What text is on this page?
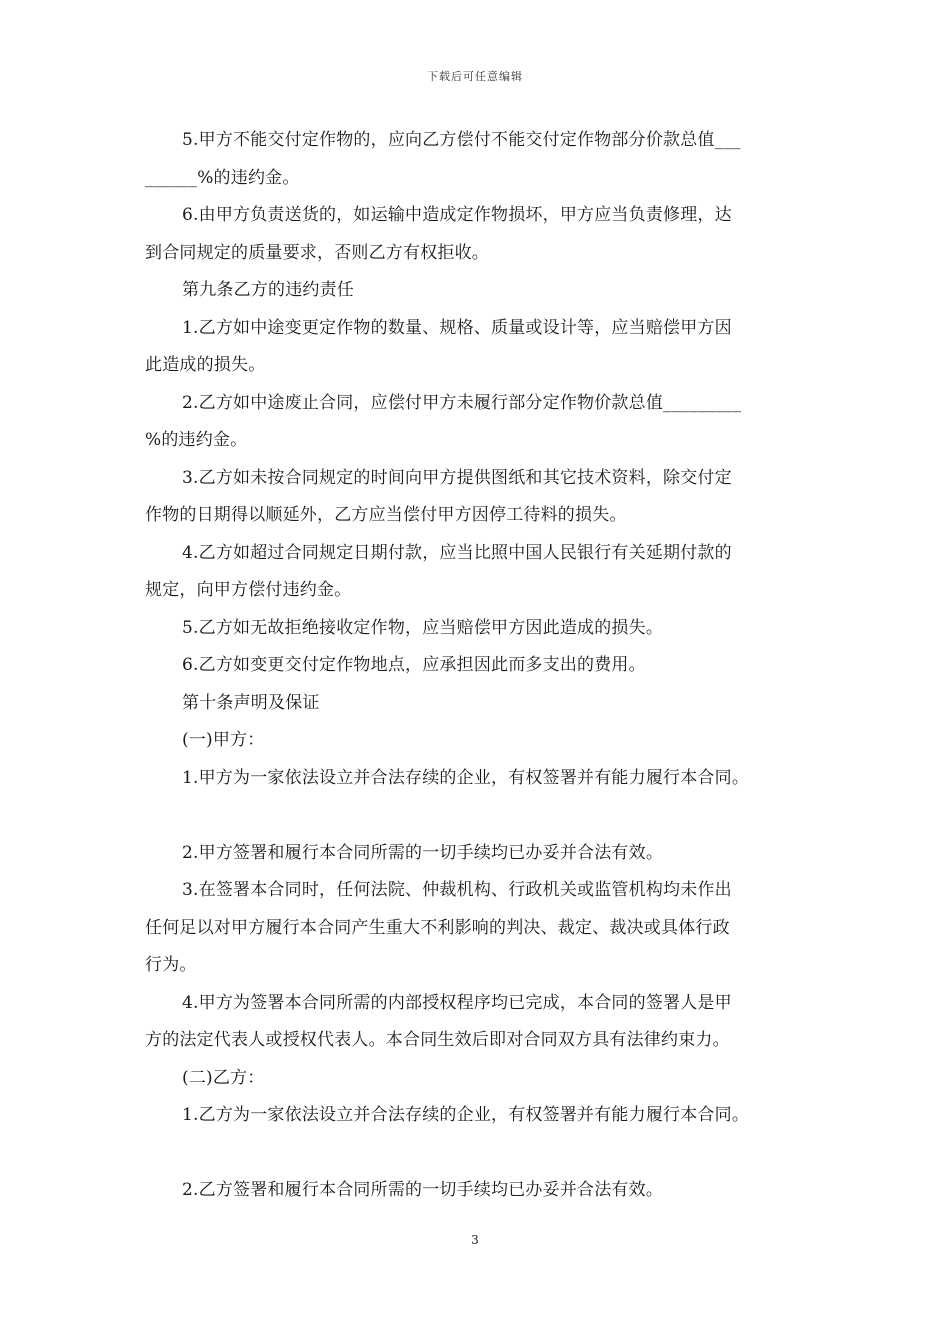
下载后可任意编辑

5.甲方不能交付定作物的，应向乙方偿付不能交付定作物部分价款总值___
______%的违约金。

6.由甲方负责送货的，如运输中造成定作物损坏，甲方应当负责修理，达
到合同规定的质量要求，否则乙方有权拒收。

第九条乙方的违约责任

1.乙方如中途变更定作物的数量、规格、质量或设计等，应当赔偿甲方因
此造成的损失。

2.乙方如中途废止合同，应偿付甲方未履行部分定作物价款总值_________
%的违约金。

3.乙方如未按合同规定的时间向甲方提供图纸和其它技术资料，除交付定
作物的日期得以顺延外，乙方应当偿付甲方因停工待料的损失。

4.乙方如超过合同规定日期付款，应当比照中国人民银行有关延期付款的
规定，向甲方偿付违约金。

5.乙方如无故拒绝接收定作物，应当赔偿甲方因此造成的损失。

6.乙方如变更交付定作物地点，应承担因此而多支出的费用。

第十条声明及保证

(一)甲方：

1.甲方为一家依法设立并合法存续的企业，有权签署并有能力履行本合同。

2.甲方签署和履行本合同所需的一切手续均已办妥并合法有效。

3.在签署本合同时，任何法院、仲裁机构、行政机关或监管机构均未作出
任何足以对甲方履行本合同产生重大不利影响的判决、裁定、裁决或具体行政
行为。

4.甲方为签署本合同所需的内部授权程序均已完成，本合同的签署人是甲
方的法定代表人或授权代表人。本合同生效后即对合同双方具有法律约束力。

(二)乙方：

1.乙方为一家依法设立并合法存续的企业，有权签署并有能力履行本合同。

2.乙方签署和履行本合同所需的一切手续均已办妥并合法有效。

3
